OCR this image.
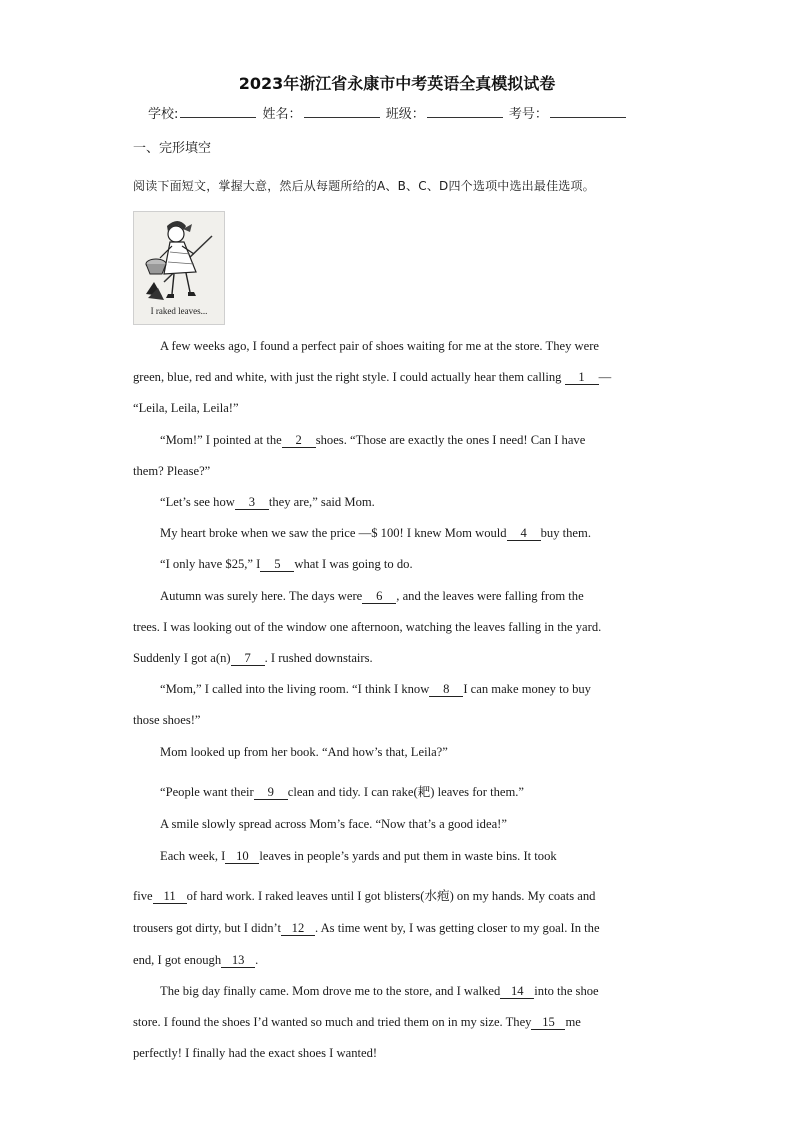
2023年浙江省永康市中考英语全真模拟试卷
学校:	姓名：	班级：	考号：
一、完形填空
阅读下面短文，掌握大意，然后从每题所给的A、B、C、D四个选项中选出最佳选项。
I raked leaves...
A few weeks ago, I found a perfect pair of shoes waiting for me at the store. They were
green, blue, red and white, with just the right style. I could actually hear them calling 1 —
“Leila, Leila, Leila!”
“Mom!” I pointed at the 2 shoes. “Those are exactly the ones I need! Can I have
them? Please?”
“Let’s see how 3 they are,” said Mom.
My heart broke when we saw the price —$ 100! I knew Mom would 4 buy them.
“I only have $25,” I 5 what I was going to do.
Autumn was surely here. The days were 6 , and the leaves were falling from the
trees. I was looking out of the window one afternoon, watching the leaves falling in the yard.
Suddenly I got a(n) 7 . I rushed downstairs.
“Mom,” I called into the living room. “I think I know 8 I can make money to buy
those shoes!”
Mom looked up from her book. “And how’s that, Leila?”
“People want their 9 clean and tidy. I can rake(耙) leaves for them.”
A smile slowly spread across Mom’s face. “Now that’s a good idea!”
Each week, I 10 leaves in people’s yards and put them in waste bins. It took
five 11 of hard work. I raked leaves until I got blisters(水疱) on my hands. My coats and
trousers got dirty, but I didn’t 12 . As time went by, I was getting closer to my goal. In the
end, I got enough 13 .
The big day finally came. Mom drove me to the store, and I walked 14 into the shoe
store. I found the shoes I’d wanted so much and tried them on in my size. They 15 me
perfectly! I finally had the exact shoes I wanted!
